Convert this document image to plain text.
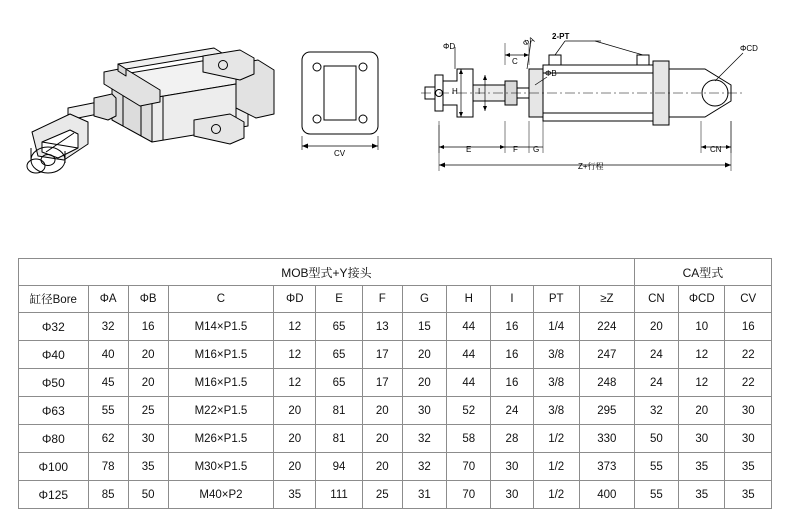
CV
ΦD	ΦA
ΦB
2-PT
ΦCD
C
H	I
E	F G	CN
Z+行程
MOB型式+Y接头												CA型式		
缸径Bore	ΦA	ΦB	C	ΦD	E	F	G	H	I	PT	≥Z	CN	ΦCD	CV
Φ32	32	16	M14×P1.5	12	65	13	15	44	16	1/4	224	20	10	16
Φ40	40	20	M16×P1.5	12	65	17	20	44	16	3/8	247	24	12	22
Φ50	45	20	M16×P1.5	12	65	17	20	44	16	3/8	248	24	12	22
Φ63	55	25	M22×P1.5	20	81	20	30	52	24	3/8	295	32	20	30
Φ80	62	30	M26×P1.5	20	81	20	32	58	28	1/2	330	50	30	30
Φ100	78	35	M30×P1.5	20	94	20	32	70	30	1/2	373	55	35	35
Φ125	85	50	M40×P2	35	111	25	31	70	30	1/2	400	55	35	35
